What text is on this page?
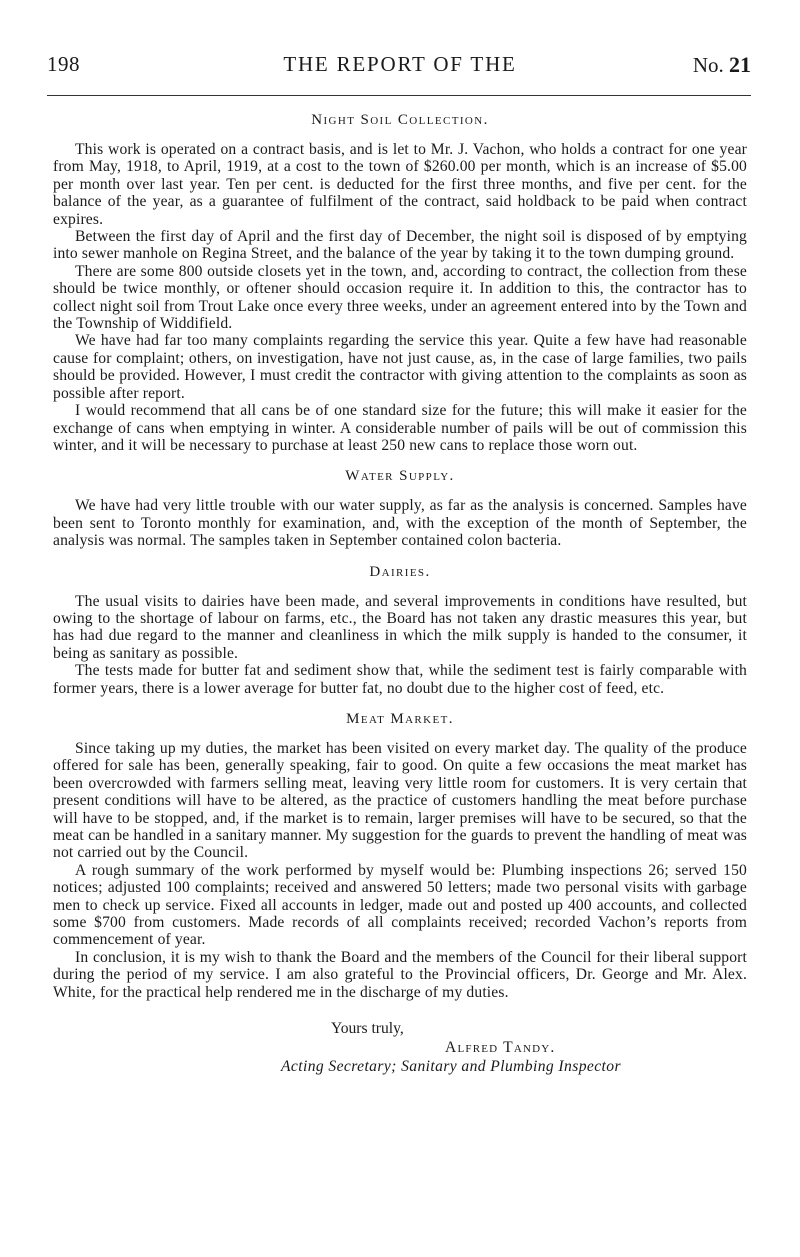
198	THE REPORT OF THE	No. 21
Night Soil Collection.

This work is operated on a contract basis, and is let to Mr. J. Vachon, who holds a contract for one year from May, 1918, to April, 1919, at a cost to the town of $260.00 per month, which is an increase of $5.00 per month over last year. Ten per cent. is deducted for the first three months, and five per cent. for the balance of the year, as a guarantee of fulfilment of the contract, said holdback to be paid when contract expires.

Between the first day of April and the first day of December, the night soil is disposed of by emptying into sewer manhole on Regina Street, and the balance of the year by taking it to the town dumping ground.

There are some 800 outside closets yet in the town, and, according to contract, the collection from these should be twice monthly, or oftener should occasion require it. In addition to this, the contractor has to collect night soil from Trout Lake once every three weeks, under an agreement entered into by the Town and the Township of Widdifield.

We have had far too many complaints regarding the service this year. Quite a few have had reasonable cause for complaint; others, on investigation, have not just cause, as, in the case of large families, two pails should be provided. However, I must credit the contractor with giving attention to the complaints as soon as possible after report.

I would recommend that all cans be of one standard size for the future; this will make it easier for the exchange of cans when emptying in winter. A considerable number of pails will be out of commission this winter, and it will be necessary to purchase at least 250 new cans to replace those worn out.

Water Supply.

We have had very little trouble with our water supply, as far as the analysis is concerned. Samples have been sent to Toronto monthly for examination, and, with the exception of the month of September, the analysis was normal. The samples taken in September contained colon bacteria.

Dairies.

The usual visits to dairies have been made, and several improvements in conditions have resulted, but owing to the shortage of labour on farms, etc., the Board has not taken any drastic measures this year, but has had due regard to the manner and cleanliness in which the milk supply is handed to the consumer, it being as sanitary as possible.

The tests made for butter fat and sediment show that, while the sediment test is fairly comparable with former years, there is a lower average for butter fat, no doubt due to the higher cost of feed, etc.

Meat Market.

Since taking up my duties, the market has been visited on every market day. The quality of the produce offered for sale has been, generally speaking, fair to good. On quite a few occasions the meat market has been overcrowded with farmers selling meat, leaving very little room for customers. It is very certain that present conditions will have to be altered, as the practice of customers handling the meat before purchase will have to be stopped, and, if the market is to remain, larger premises will have to be secured, so that the meat can be handled in a sanitary manner. My suggestion for the guards to prevent the handling of meat was not carried out by the Council.

A rough summary of the work performed by myself would be: Plumbing inspections 26; served 150 notices; adjusted 100 complaints; received and answered 50 letters; made two personal visits with garbage men to check up service. Fixed all accounts in ledger, made out and posted up 400 accounts, and collected some $700 from customers. Made records of all complaints received; recorded Vachon’s reports from commencement of year.

In conclusion, it is my wish to thank the Board and the members of the Council for their liberal support during the period of my service. I am also grateful to the Provincial officers, Dr. George and Mr. Alex. White, for the practical help rendered me in the discharge of my duties.

Yours truly,
Alfred Tandy.
Acting Secretary; Sanitary and Plumbing Inspector
